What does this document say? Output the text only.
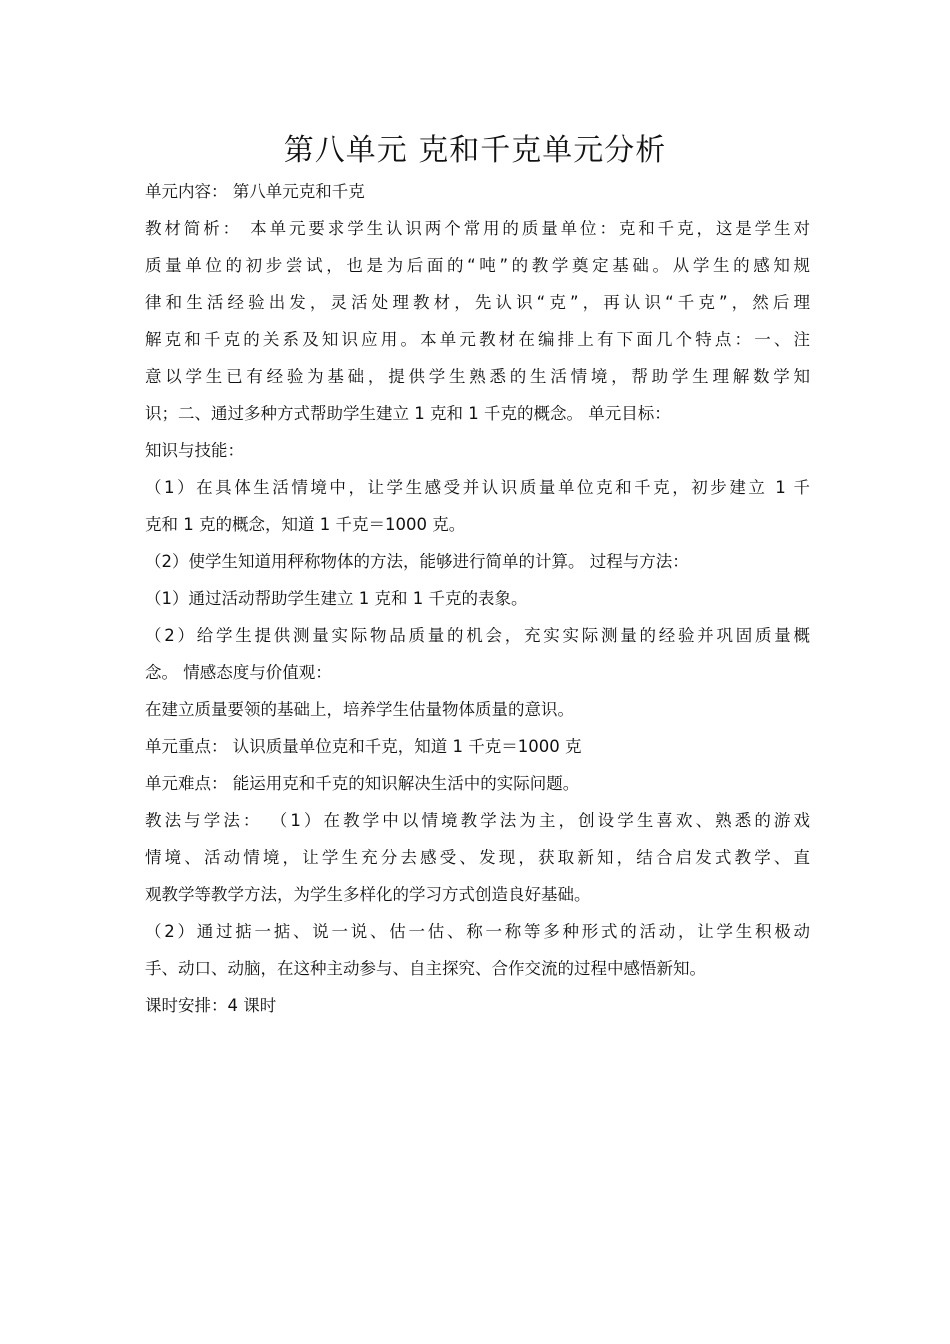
第八单元 克和千克单元分析
单元内容： 第八单元克和千克
教材简析： 本单元要求学生认识两个常用的质量单位：克和千克，这是学生对
质量单位的初步尝试，也是为后面的“吨”的教学奠定基础。从学生的感知规
律和生活经验出发，灵活处理教材，先认识“克”，再认识“千克”，然后理
解克和千克的关系及知识应用。本单元教材在编排上有下面几个特点：一、注
意以学生已有经验为基础，提供学生熟悉的生活情境，帮助学生理解数学知
识；二、通过多种方式帮助学生建立 1 克和 1 千克的概念。 单元目标：
知识与技能：
（1）在具体生活情境中，让学生感受并认识质量单位克和千克，初步建立 1 千
克和 1 克的概念，知道 1 千克＝1000 克。
（2）使学生知道用秤称物体的方法，能够进行简单的计算。 过程与方法：
（1）通过活动帮助学生建立 1 克和 1 千克的表象。
（2）给学生提供测量实际物品质量的机会，充实实际测量的经验并巩固质量概
念。 情感态度与价值观：
在建立质量要领的基础上，培养学生估量物体质量的意识。
单元重点： 认识质量单位克和千克，知道 1 千克＝1000 克
单元难点： 能运用克和千克的知识解决生活中的实际问题。
教法与学法： （1）在教学中以情境教学法为主，创设学生喜欢、熟悉的游戏
情境、活动情境，让学生充分去感受、发现，获取新知，结合启发式教学、直
观教学等教学方法，为学生多样化的学习方式创造良好基础。
（2）通过掂一掂、说一说、估一估、称一称等多种形式的活动，让学生积极动
手、动口、动脑，在这种主动参与、自主探究、合作交流的过程中感悟新知。
课时安排：4 课时
